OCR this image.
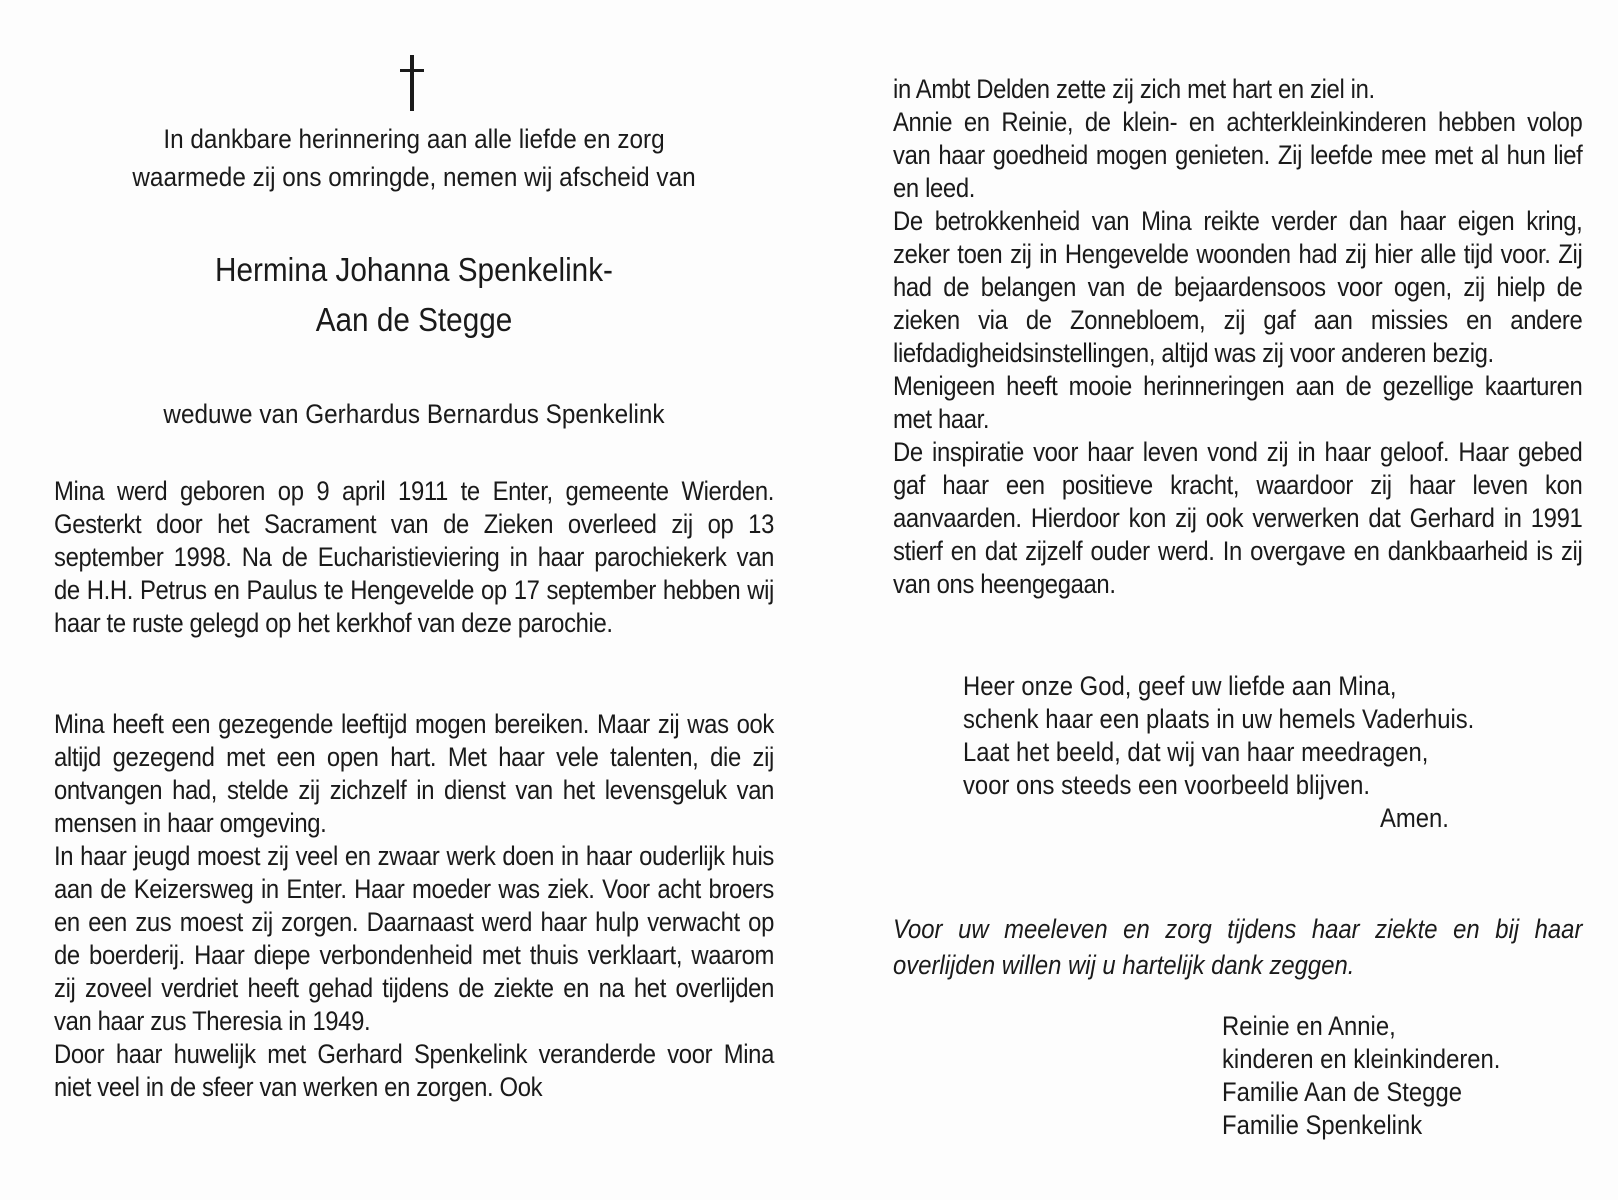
In dankbare herinnering aan alle liefde en zorg
waarmede zij ons omringde, nemen wij afscheid van
Hermina Johanna Spenkelink-
Aan de Stegge
weduwe van Gerhardus Bernardus Spenkelink

Mina werd geboren op 9 april 1911 te Enter, gemeente Wierden. Gesterkt door het Sacrament van de Zieken overleed zij op 13 september 1998. Na de Eucharistieviering in haar parochiekerk van de H.H. Petrus en Paulus te Hengevelde op 17 september hebben wij haar te ruste gelegd op het kerkhof van deze parochie.

Mina heeft een gezegende leeftijd mogen bereiken. Maar zij was ook altijd gezegend met een open hart. Met haar vele talenten, die zij ontvangen had, stelde zij zichzelf in dienst van het levensgeluk van mensen in haar omgeving.

In haar jeugd moest zij veel en zwaar werk doen in haar ouderlijk huis aan de Keizersweg in Enter. Haar moeder was ziek. Voor acht broers en een zus moest zij zorgen. Daarnaast werd haar hulp verwacht op de boerderij. Haar diepe verbondenheid met thuis verklaart, waarom zij zoveel verdriet heeft gehad tijdens de ziekte en na het overlijden van haar zus Theresia in 1949.

Door haar huwelijk met Gerhard Spenkelink veranderde voor Mina niet veel in de sfeer van werken en zorgen. Ook

in Ambt Delden zette zij zich met hart en ziel in.

Annie en Reinie, de klein- en achterkleinkinderen hebben volop van haar goedheid mogen genieten. Zij leefde mee met al hun lief en leed.

De betrokkenheid van Mina reikte verder dan haar eigen kring, zeker toen zij in Hengevelde woonden had zij hier alle tijd voor. Zij had de belangen van de bejaardensoos voor ogen, zij hielp de zieken via de Zonnebloem, zij gaf aan missies en andere liefdadigheidsinstellingen, altijd was zij voor anderen bezig.

Menigeen heeft mooie herinneringen aan de gezellige kaarturen met haar.

De inspiratie voor haar leven vond zij in haar geloof. Haar gebed gaf haar een positieve kracht, waardoor zij haar leven kon aanvaarden. Hierdoor kon zij ook verwerken dat Gerhard in 1991 stierf en dat zijzelf ouder werd. In overgave en dankbaarheid is zij van ons heengegaan.

Heer onze God, geef uw liefde aan Mina,
schenk haar een plaats in uw hemels Vaderhuis.
Laat het beeld, dat wij van haar meedragen,
voor ons steeds een voorbeeld blijven.
Amen.
Voor uw meeleven en zorg tijdens haar ziekte en bij haar overlijden willen wij u hartelijk dank zeggen.
Reinie en Annie,
kinderen en kleinkinderen.
Familie Aan de Stegge
Familie Spenkelink
